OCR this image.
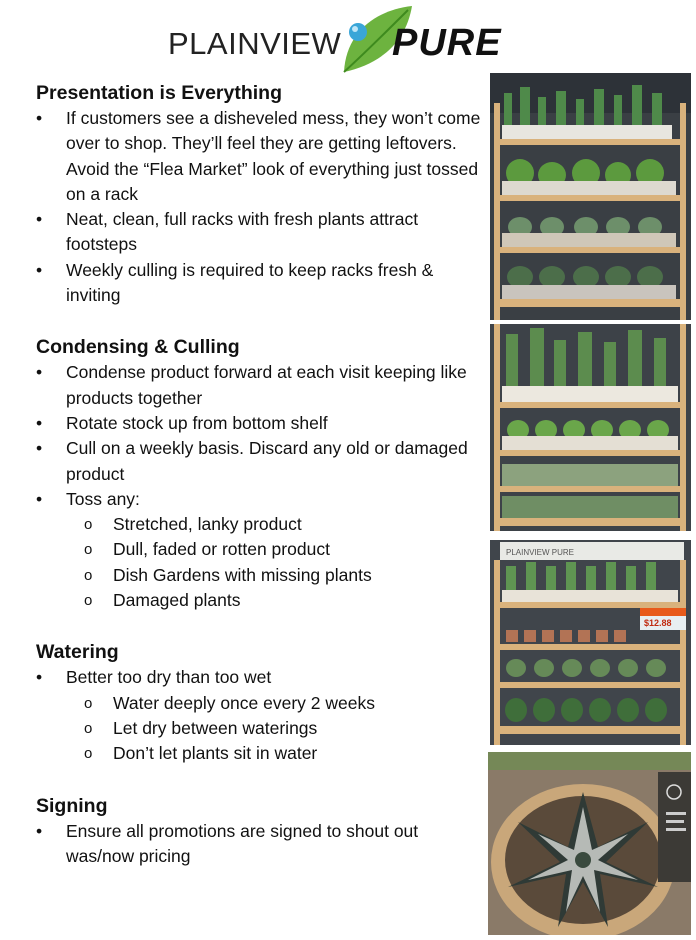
PLAINVIEW PURE
Presentation is Everything
• If customers see a disheveled mess, they won’t come over to shop. They’ll feel they are getting leftovers. Avoid the “Flea Market” look of everything just tossed on a rack
• Neat, clean, full racks with fresh plants attract footsteps
• Weekly culling is required to keep racks fresh & inviting
Condensing & Culling
• Condense product forward at each visit keeping like products together
• Rotate stock up from bottom shelf
• Cull on a weekly basis. Discard any old or damaged product
• Toss any:
o Stretched, lanky product
o Dull, faded or rotten product
o Dish Gardens with missing plants
o Damaged plants
Watering
• Better too dry than too wet
o Water deeply once every 2 weeks
o Let dry between waterings
o Don’t let plants sit in water
Signing
• Ensure all promotions are signed to shout out was/now pricing
PLAINVIEW PURE
$12.88
